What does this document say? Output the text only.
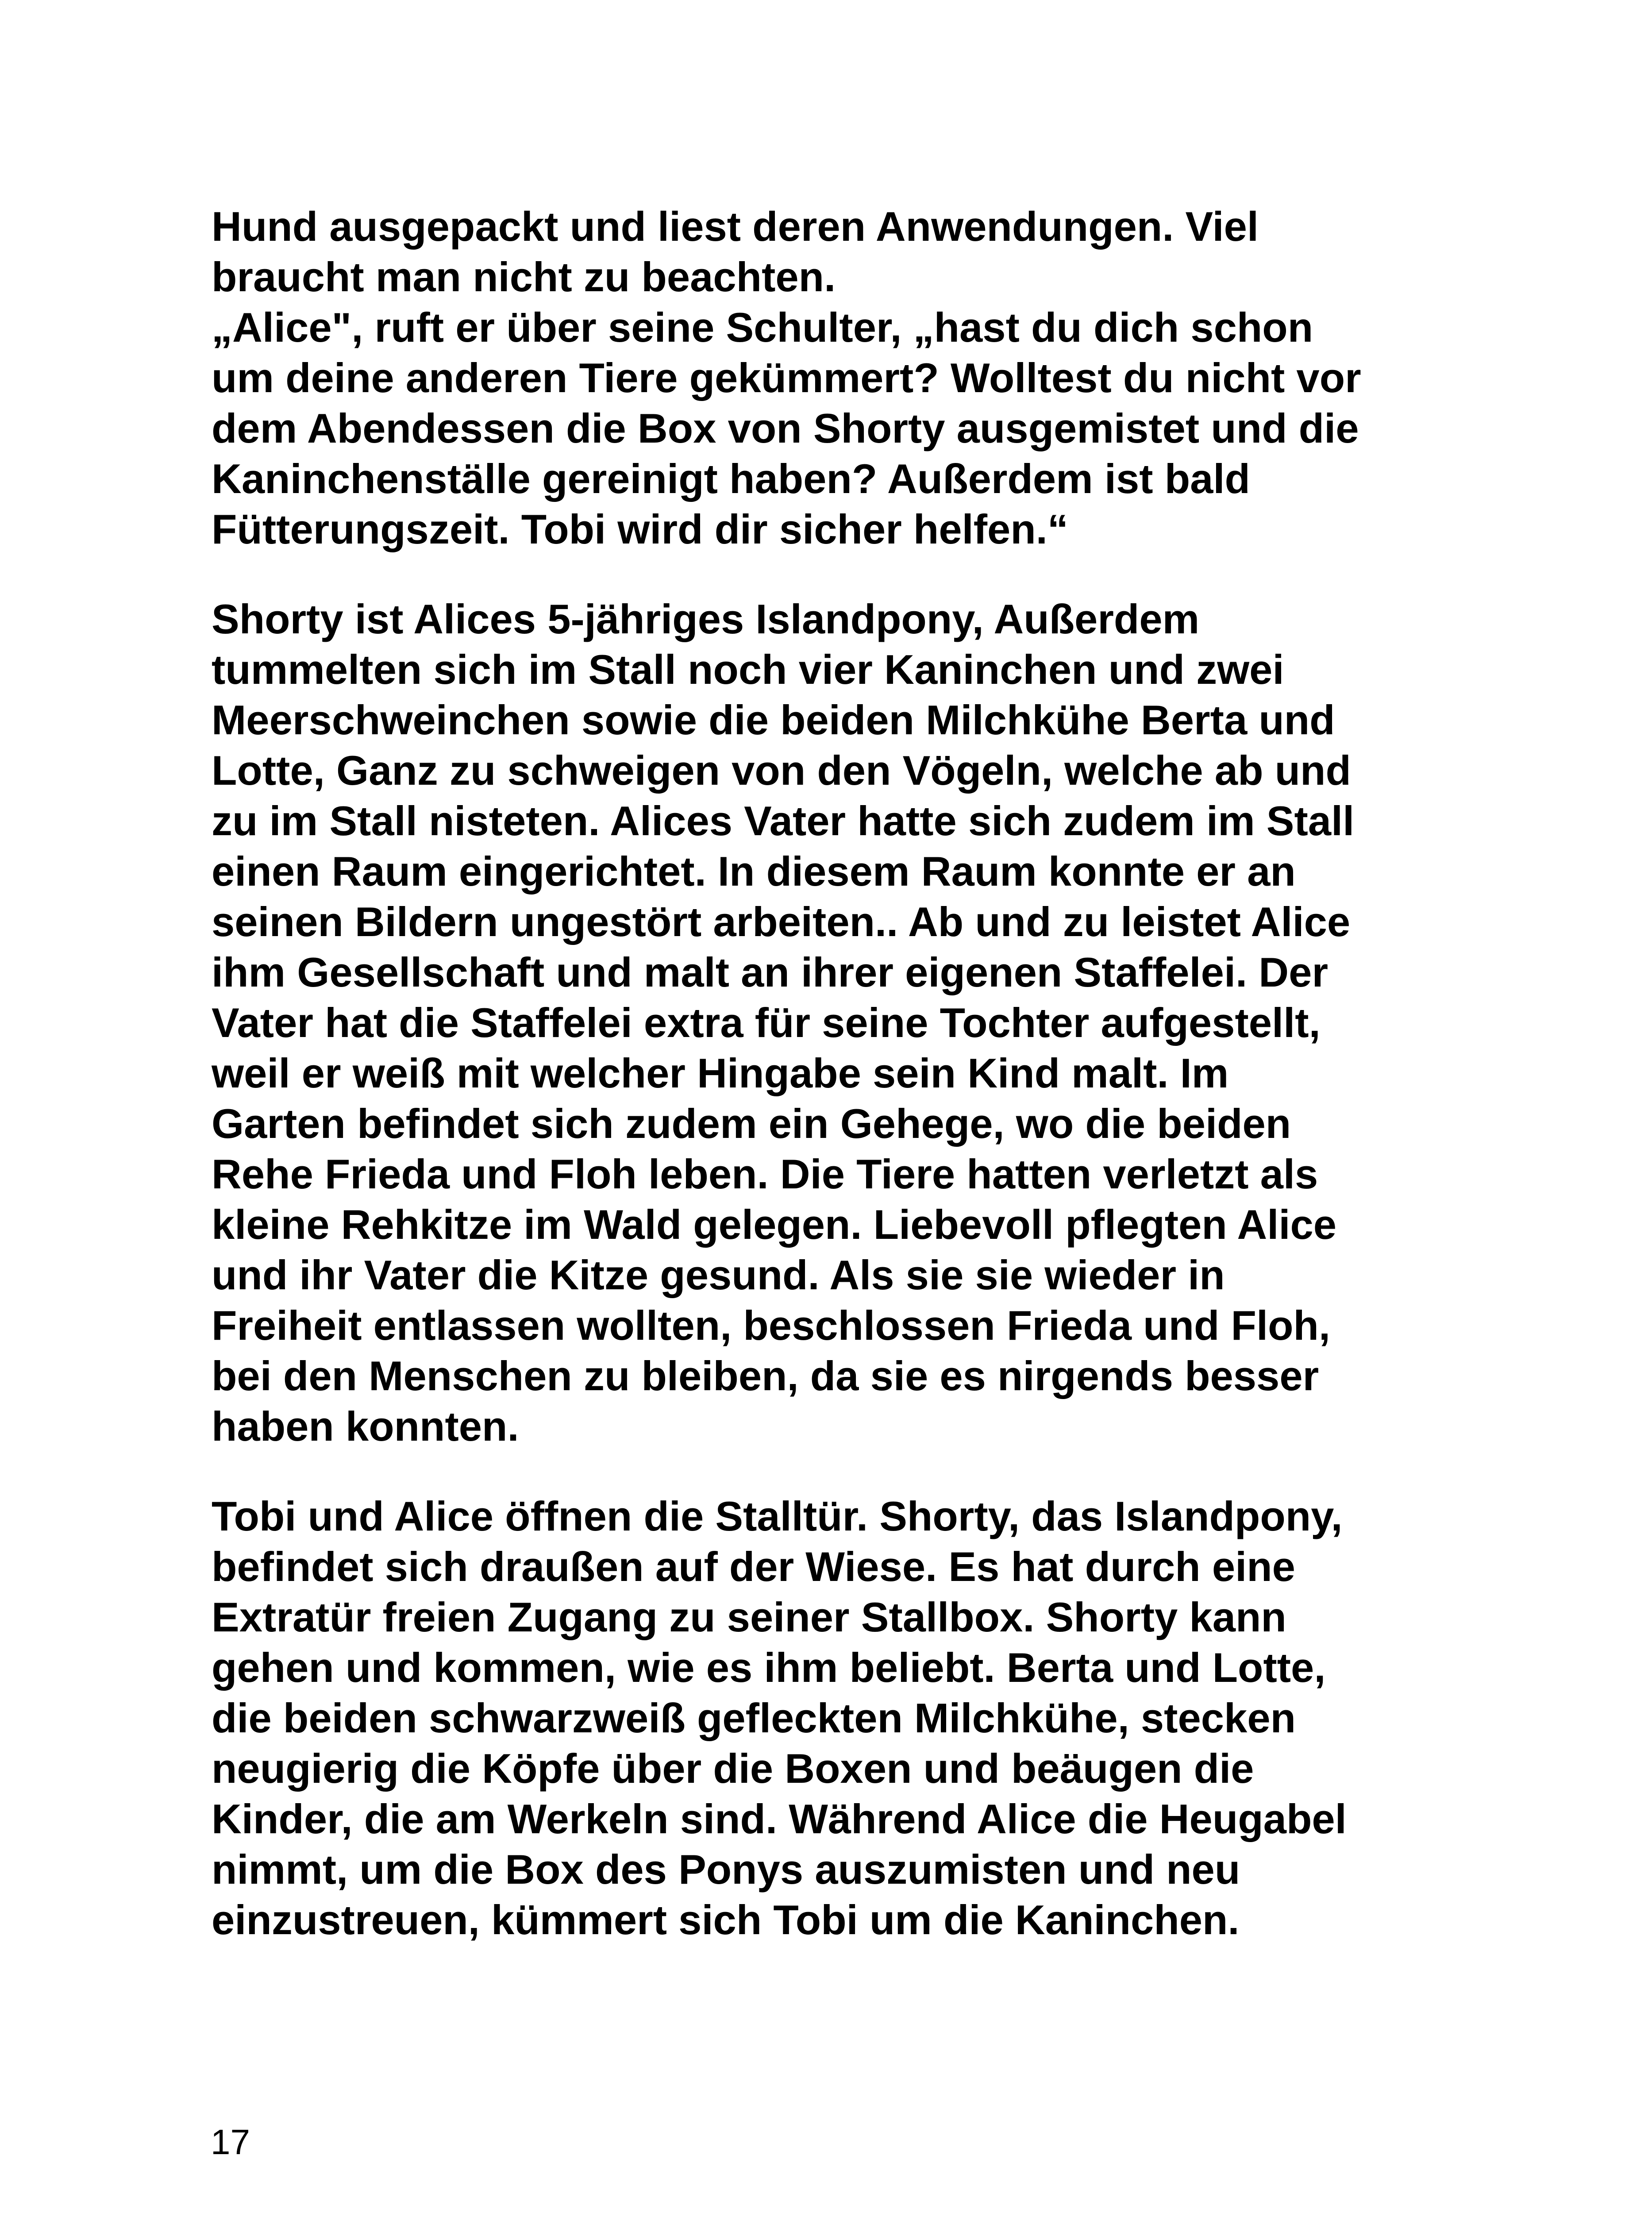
Hund ausgepackt und liest deren Anwendungen. Viel
braucht man nicht zu beachten.
„Alice", ruft er über seine Schulter, „hast du dich schon
um deine anderen Tiere gekümmert? Wolltest du nicht vor
dem Abendessen die Box von Shorty ausgemistet und die
Kaninchenställe gereinigt haben? Außerdem ist bald
Fütterungszeit. Tobi wird dir sicher helfen.“
Shorty ist Alices 5-jähriges Islandpony, Außerdem
tummelten sich im Stall noch vier Kaninchen und zwei
Meerschweinchen sowie die beiden Milchkühe Berta und
Lotte, Ganz zu schweigen von den Vögeln, welche ab und
zu im Stall nisteten. Alices Vater hatte sich zudem im Stall
einen Raum eingerichtet. In diesem Raum konnte er an
seinen Bildern ungestört arbeiten.. Ab und zu leistet Alice
ihm Gesellschaft und malt an ihrer eigenen Staffelei. Der
Vater hat die Staffelei extra für seine Tochter aufgestellt,
weil er weiß mit welcher Hingabe sein Kind malt. Im
Garten befindet sich zudem ein Gehege, wo die beiden
Rehe Frieda und Floh leben. Die Tiere hatten verletzt als
kleine Rehkitze im Wald gelegen. Liebevoll pflegten Alice
und ihr Vater die Kitze gesund. Als sie sie wieder in
Freiheit entlassen wollten, beschlossen Frieda und Floh,
bei den Menschen zu bleiben, da sie es nirgends besser
haben konnten.
Tobi und Alice öffnen die Stalltür. Shorty, das Islandpony,
befindet sich draußen auf der Wiese. Es hat durch eine
Extratür freien Zugang zu seiner Stallbox. Shorty kann
gehen und kommen, wie es ihm beliebt. Berta und Lotte,
die beiden schwarzweiß gefleckten Milchkühe, stecken
neugierig die Köpfe über die Boxen und beäugen die
Kinder, die am Werkeln sind. Während Alice die Heugabel
nimmt, um die Box des Ponys auszumisten und neu
einzustreuen, kümmert sich Tobi um die Kaninchen.
17
